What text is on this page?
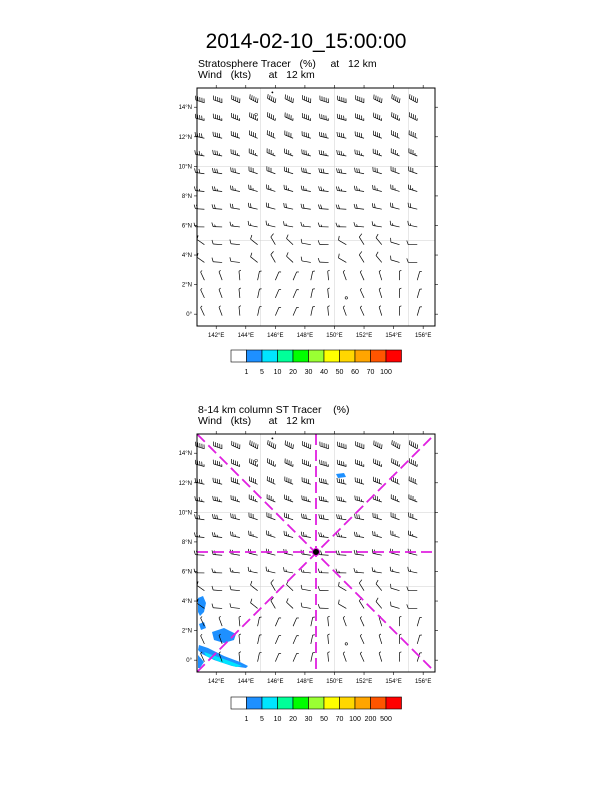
2014-02-10_15:00:00
Stratosphere Tracer   (%)     at   12 km
Wind   (kts)      at   12 km
8-14 km column ST Tracer    (%)
Wind   (kts)      at   12 km
142°E 144°E 146°E 148°E 150°E 152°E 154°E 156°E
0°
2°N
4°N
6°N
8°N
10°N
12°N
14°N
1 5 10 20 30 40 50 60 70 100
142°E 144°E 146°E 148°E 150°E 152°E 154°E 156°E
0°
2°N
4°N
6°N
8°N
10°N
12°N
14°N
1 5 10 20 30 50 70 100 200 500
